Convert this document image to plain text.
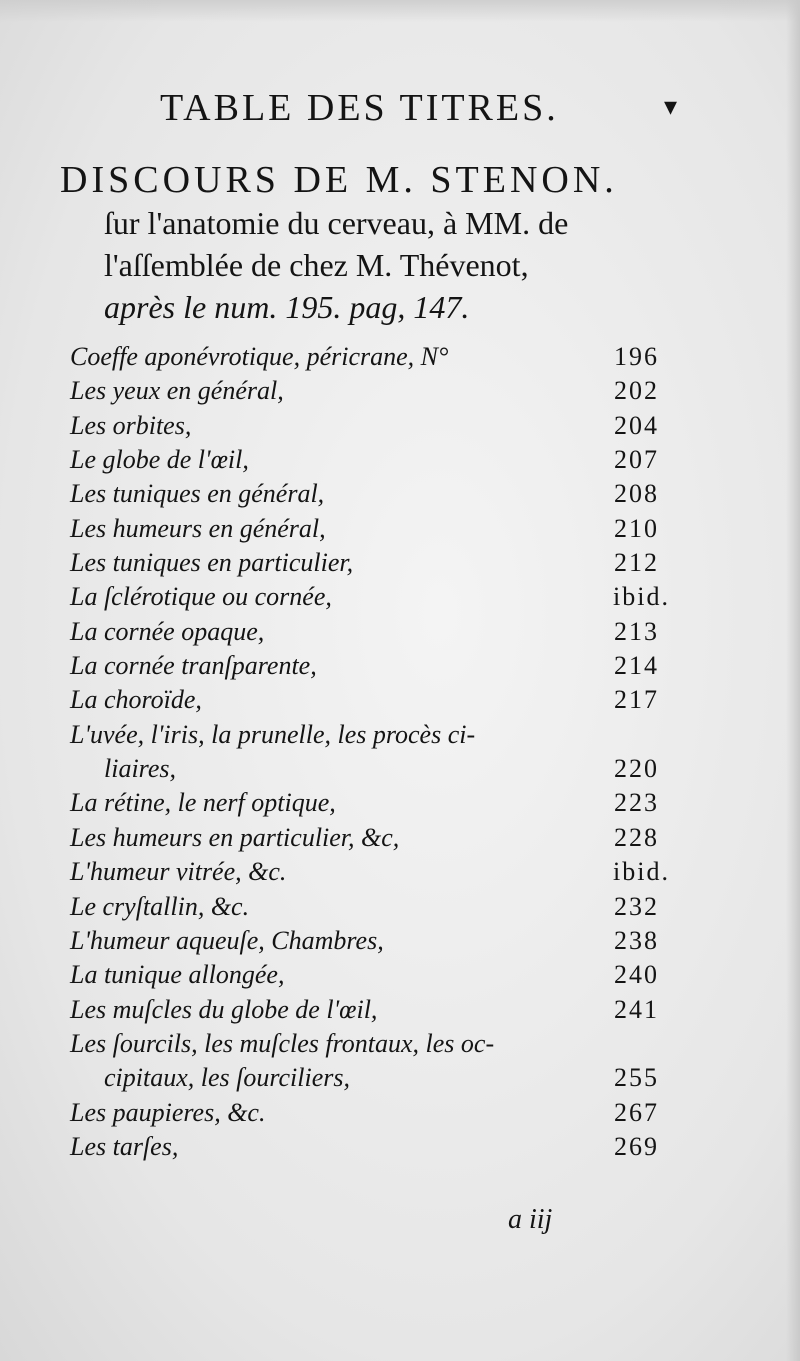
TABLE DES TITRES.	▾
DISCOURS DE M. STENON.
ſur l'anatomie du cerveau, à MM. de
l'aſſemblée de chez M. Thévenot,
après le num. 195. pag, 147.
Coeffe aponévrotique, péricrane, N°	196
Les yeux en général,	202
Les orbites,	204
Le globe de l'œil,	207
Les tuniques en général,	208
Les humeurs en général,	210
Les tuniques en particulier,	212
La ſclérotique ou cornée,	ibid.
La cornée opaque,	213
La cornée tranſparente,	214
La choroïde,	217
L'uvée, l'iris, la prunelle, les procès ci-
liaires,	220
La rétine, le nerf optique,	223
Les humeurs en particulier, &c,	228
L'humeur vitrée, &c.	ibid.
Le cryſtallin, &c.	232
L'humeur aqueuſe, Chambres,	238
La tunique allongée,	240
Les muſcles du globe de l'œil,	241
Les ſourcils, les muſcles frontaux, les oc-
cipitaux, les ſourciliers,	255
Les paupieres, &c.	267
Les tarſes,	269
a iij
